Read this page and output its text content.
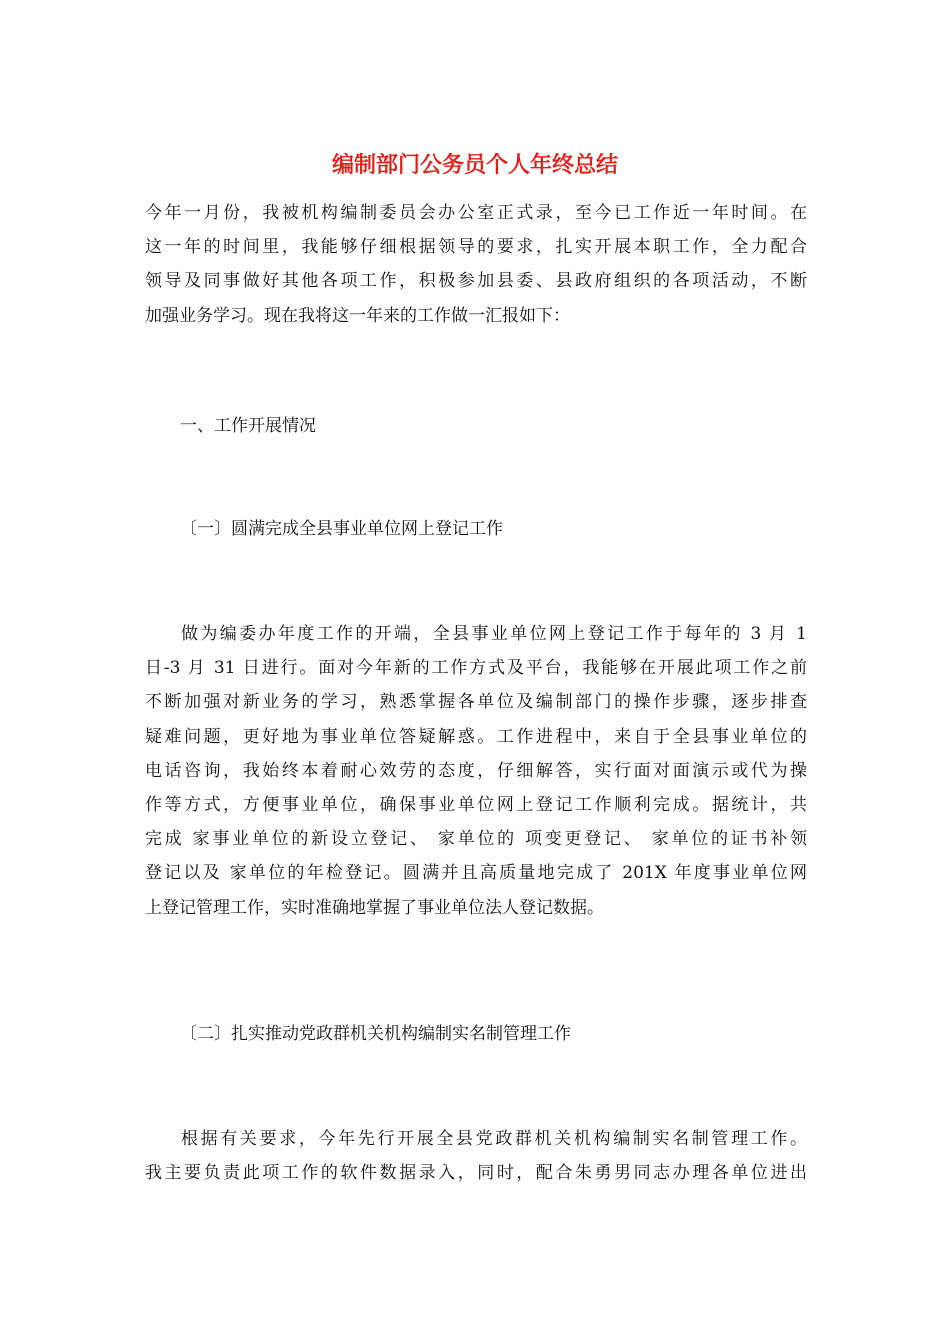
编制部门公务员个人年终总结

今年一月份，我被机构编制委员会办公室正式录，至今已工作近一年时间。在
这一年的时间里，我能够仔细根据领导的要求，扎实开展本职工作，全力配合
领导及同事做好其他各项工作，积极参加县委、县政府组织的各项活动，不断
加强业务学习。现在我将这一年来的工作做一汇报如下：

一、工作开展情况

〔一〕圆满完成全县事业单位网上登记工作

做为编委办年度工作的开端，全县事业单位网上登记工作于每年的 3 月 1
日-3 月 31 日进行。面对今年新的工作方式及平台，我能够在开展此项工作之前
不断加强对新业务的学习，熟悉掌握各单位及编制部门的操作步骤，逐步排查
疑难问题，更好地为事业单位答疑解惑。工作进程中，来自于全县事业单位的
电话咨询，我始终本着耐心效劳的态度，仔细解答，实行面对面演示或代为操
作等方式，方便事业单位，确保事业单位网上登记工作顺利完成。据统计，共
完成 家事业单位的新设立登记、 家单位的 项变更登记、 家单位的证书补领
登记以及 家单位的年检登记。圆满并且高质量地完成了 201X 年度事业单位网
上登记管理工作，实时准确地掌握了事业单位法人登记数据。

〔二〕扎实推动党政群机关机构编制实名制管理工作

根据有关要求，今年先行开展全县党政群机关机构编制实名制管理工作。
我主要负责此项工作的软件数据录入，同时，配合朱勇男同志办理各单位进出
